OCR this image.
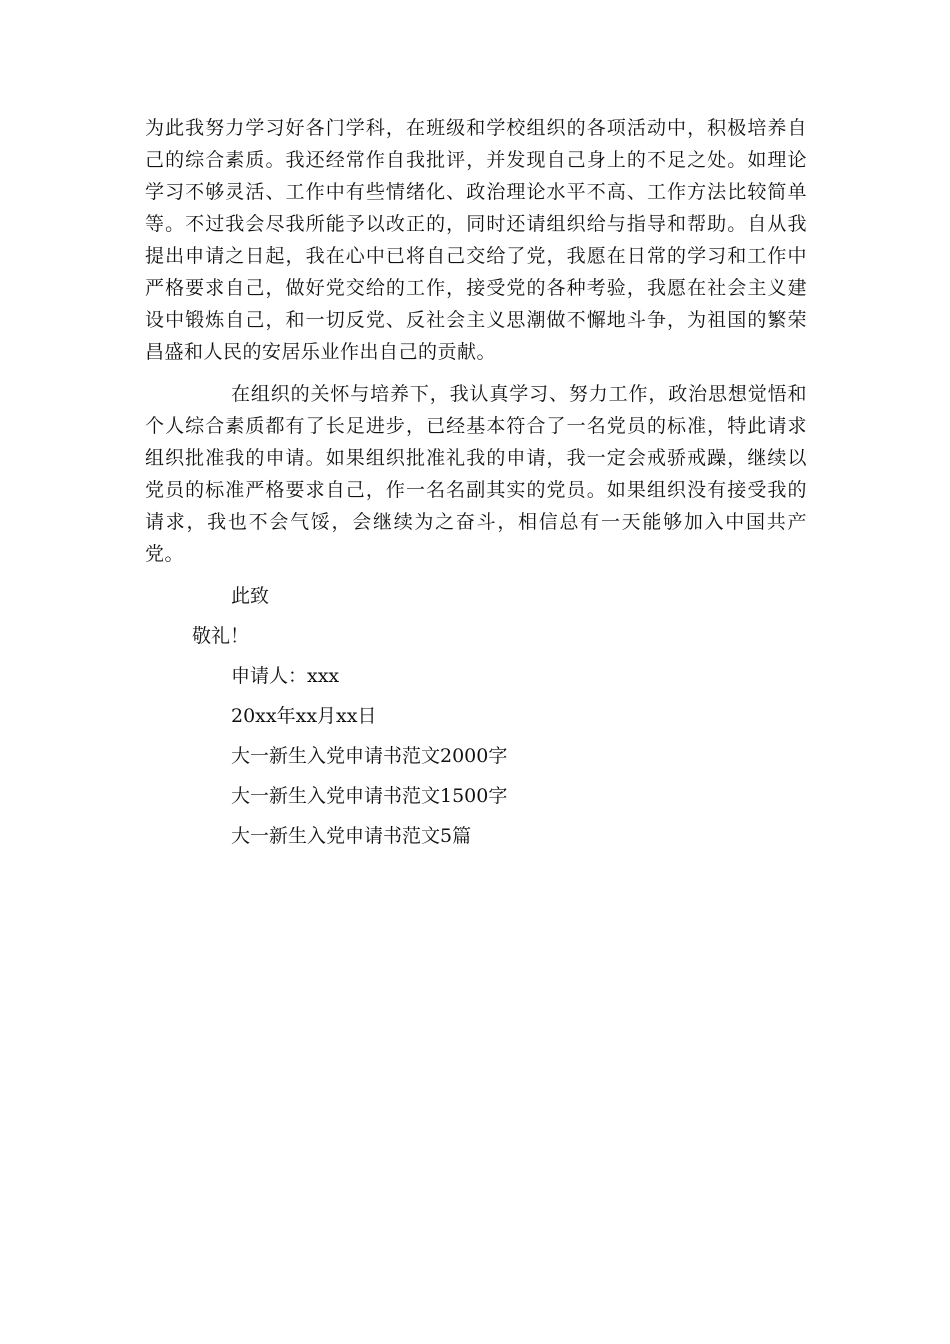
为此我努力学习好各门学科，在班级和学校组织的各项活动中，积极培养自己的综合素质。我还经常作自我批评，并发现自己身上的不足之处。如理论学习不够灵活、工作中有些情绪化、政治理论水平不高、工作方法比较简单等。不过我会尽我所能予以改正的，同时还请组织给与指导和帮助。自从我提出申请之日起，我在心中已将自己交给了党，我愿在日常的学习和工作中严格要求自己，做好党交给的工作，接受党的各种考验，我愿在社会主义建设中锻炼自己，和一切反党、反社会主义思潮做不懈地斗争，为祖国的繁荣昌盛和人民的安居乐业作出自己的贡献。

在组织的关怀与培养下，我认真学习、努力工作，政治思想觉悟和个人综合素质都有了长足进步，已经基本符合了一名党员的标准，特此请求组织批准我的申请。如果组织批准礼我的申请，我一定会戒骄戒躁，继续以党员的标准严格要求自己，作一名名副其实的党员。如果组织没有接受我的请求，我也不会气馁，会继续为之奋斗，相信总有一天能够加入中国共产党。

此致

敬礼！

申请人：xxx

20xx年xx月xx日

大一新生入党申请书范文2000字

大一新生入党申请书范文1500字

大一新生入党申请书范文5篇
